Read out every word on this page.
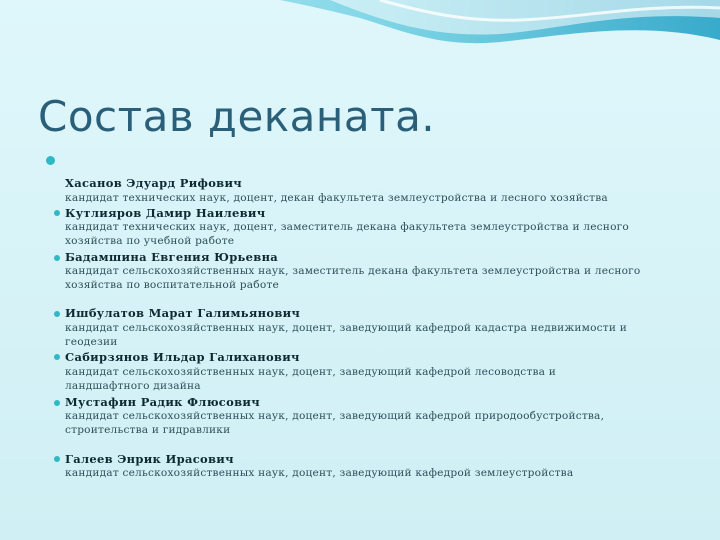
Состав деканата.
Хасанов Эдуард Рифович
кандидат технических наук, доцент, декан факультета землеустройства и лесного хозяйства
Кутлияров Дамир Наилевич
кандидат технических наук, доцент, заместитель декана факультета землеустройства и лесного хозяйства по учебной работе
Бадамшина Евгения Юрьевна
кандидат сельскохозяйственных наук, заместитель декана факультета землеустройства и лесного хозяйства по воспитательной работе
Ишбулатов Марат Галимьянович
кандидат сельскохозяйственных наук, доцент, заведующий кафедрой кадастра недвижимости и геодезии
Сабирзянов Ильдар Галиханович
кандидат сельскохозяйственных наук, доцент, заведующий кафедрой лесоводства и ландшафтного дизайна
Мустафин Радик Флюсович
кандидат сельскохозяйственных наук, доцент, заведующий кафедрой природообустройства, строительства и гидравлики
Галеев Энрик Ирасович
кандидат сельскохозяйственных наук, доцент, заведующий кафедрой землеустройства
